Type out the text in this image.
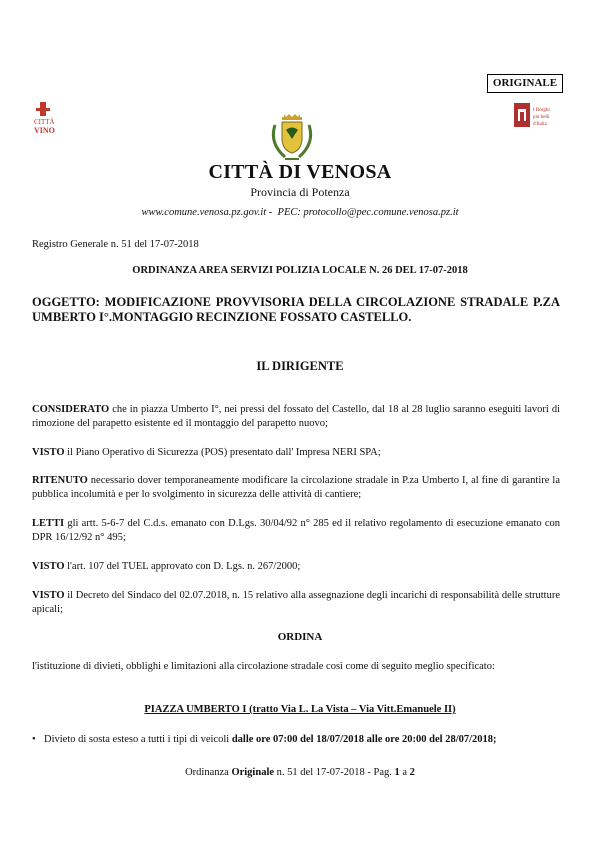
ORIGINALE
CITTÀ
VINO
I Borghi
più belli
d'Italia
CITTÀ DI VENOSA
Provincia di Potenza
www.comune.venosa.pz.gov.it - PEC: protocollo@pec.comune.venosa.pz.it
Registro Generale n. 51 del 17-07-2018
ORDINANZA AREA SERVIZI POLIZIA LOCALE N. 26 DEL 17-07-2018
OGGETTO: MODIFICAZIONE PROVVISORIA DELLA CIRCOLAZIONE STRADALE P.ZA UMBERTO I°.MONTAGGIO RECINZIONE FOSSATO CASTELLO.
IL DIRIGENTE
CONSIDERATO che in piazza Umberto I°, nei pressi del fossato del Castello, dal 18 al 28 luglio saranno eseguiti lavori di rimozione del parapetto esistente ed il montaggio del parapetto nuovo;
VISTO il Piano Operativo di Sicurezza (POS) presentato dall' Impresa NERI SPA;
RITENUTO necessario dover temporaneamente modificare la circolazione stradale in P.za Umberto I, al fine di garantire la pubblica incolumità e per lo svolgimento in sicurezza delle attività di cantiere;
LETTI gli artt. 5-6-7 del C.d.s. emanato con D.Lgs. 30/04/92 n° 285 ed il relativo regolamento di esecuzione emanato con DPR 16/12/92 n° 495;
VISTO l'art. 107 del TUEL approvato con D. Lgs. n. 267/2000;
VISTO il Decreto del Sindaco del 02.07.2018, n. 15 relativo alla assegnazione degli incarichi di responsabilità delle strutture apicali;
ORDINA
l'istituzione di divieti, obblighi e limitazioni alla circolazione stradale così come di seguito meglio specificato:
PIAZZA UMBERTO I (tratto Via L. La Vista – Via Vitt.Emanuele II)
• Divieto di sosta esteso a tutti i tipi di veicoli dalle ore 07:00 del 18/07/2018 alle ore 20:00 del 28/07/2018;
Ordinanza Originale n. 51 del 17-07-2018 - Pag. 1 a 2
